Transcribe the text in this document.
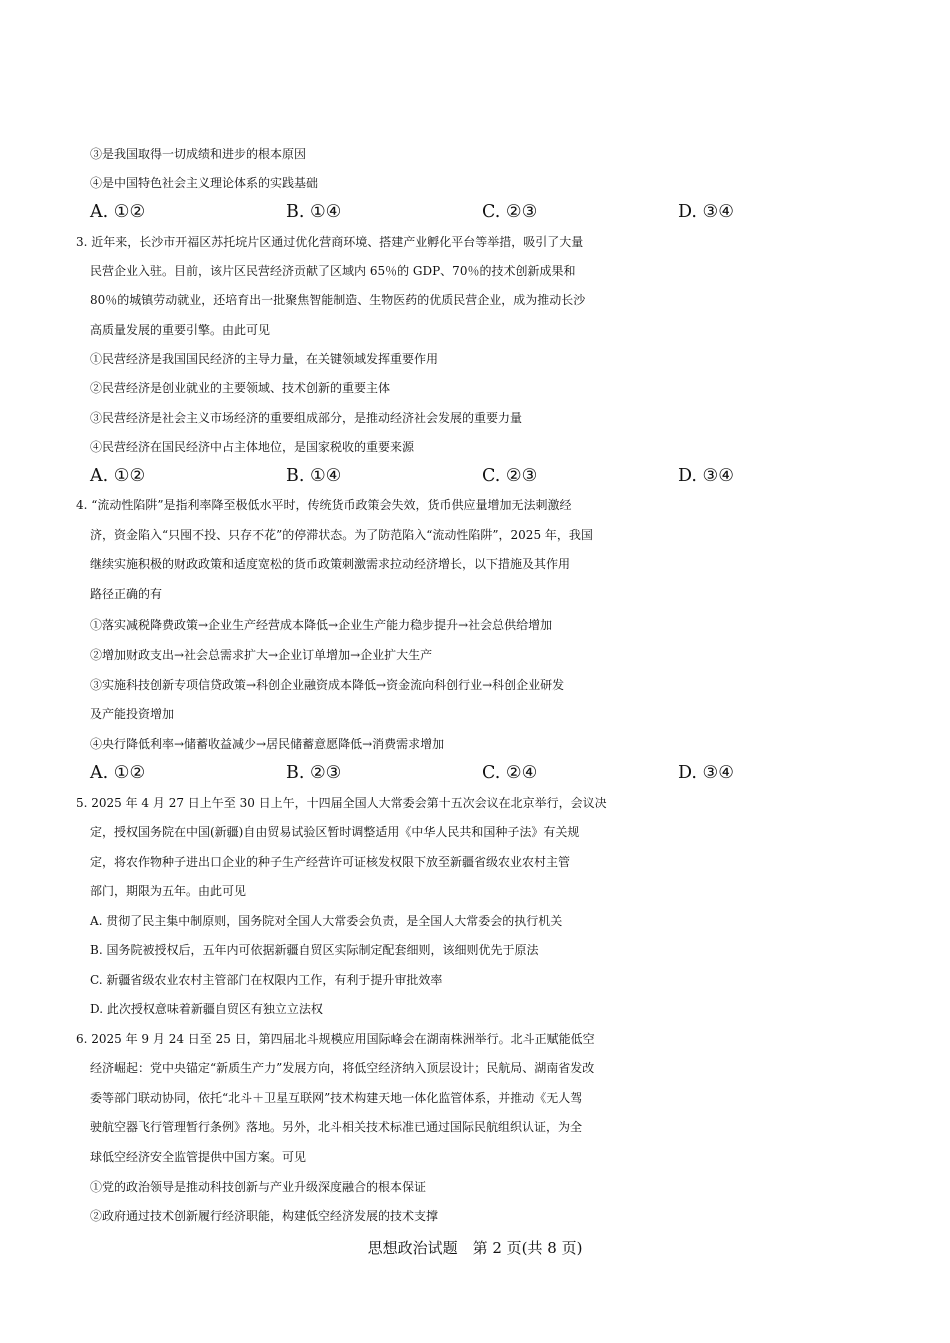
③是我国取得一切成绩和进步的根本原因
④是中国特色社会主义理论体系的实践基础
A. ①②	B. ①④	C. ②③	D. ③④
3. 近年来，长沙市开福区苏托垸片区通过优化营商环境、搭建产业孵化平台等举措，吸引了大量
民营企业入驻。目前，该片区民营经济贡献了区域内 65％的 GDP、70％的技术创新成果和
80％的城镇劳动就业，还培育出一批聚焦智能制造、生物医药的优质民营企业，成为推动长沙
高质量发展的重要引擎。由此可见
①民营经济是我国国民经济的主导力量，在关键领域发挥重要作用
②民营经济是创业就业的主要领域、技术创新的重要主体
③民营经济是社会主义市场经济的重要组成部分，是推动经济社会发展的重要力量
④民营经济在国民经济中占主体地位，是国家税收的重要来源
A. ①②	B. ①④	C. ②③	D. ③④
4. “流动性陷阱”是指利率降至极低水平时，传统货币政策会失效，货币供应量增加无法刺激经
济，资金陷入“只囤不投、只存不花”的停滞状态。为了防范陷入“流动性陷阱”，2025 年，我国
继续实施积极的财政政策和适度宽松的货币政策刺激需求拉动经济增长，以下措施及其作用
路径正确的有
①落实减税降费政策→企业生产经营成本降低→企业生产能力稳步提升→社会总供给增加
②增加财政支出→社会总需求扩大→企业订单增加→企业扩大生产
③实施科技创新专项信贷政策→科创企业融资成本降低→资金流向科创行业→科创企业研发
及产能投资增加
④央行降低利率→储蓄收益减少→居民储蓄意愿降低→消费需求增加
A. ①②	B. ②③	C. ②④	D. ③④
5. 2025 年 4 月 27 日上午至 30 日上午，十四届全国人大常委会第十五次会议在北京举行，会议决
定，授权国务院在中国(新疆)自由贸易试验区暂时调整适用《中华人民共和国种子法》有关规
定，将农作物种子进出口企业的种子生产经营许可证核发权限下放至新疆省级农业农村主管
部门，期限为五年。由此可见
A. 贯彻了民主集中制原则，国务院对全国人大常委会负责，是全国人大常委会的执行机关
B. 国务院被授权后，五年内可依据新疆自贸区实际制定配套细则，该细则优先于原法
C. 新疆省级农业农村主管部门在权限内工作，有利于提升审批效率
D. 此次授权意味着新疆自贸区有独立立法权
6. 2025 年 9 月 24 日至 25 日，第四届北斗规模应用国际峰会在湖南株洲举行。北斗正赋能低空
经济崛起：党中央锚定“新质生产力”发展方向，将低空经济纳入顶层设计；民航局、湖南省发改
委等部门联动协同，依托“北斗＋卫星互联网”技术构建天地一体化监管体系，并推动《无人驾
驶航空器飞行管理暂行条例》落地。另外，北斗相关技术标准已通过国际民航组织认证，为全
球低空经济安全监管提供中国方案。可见
①党的政治领导是推动科技创新与产业升级深度融合的根本保证
②政府通过技术创新履行经济职能，构建低空经济发展的技术支撑
思想政治试题　第 2 页(共 8 页)
